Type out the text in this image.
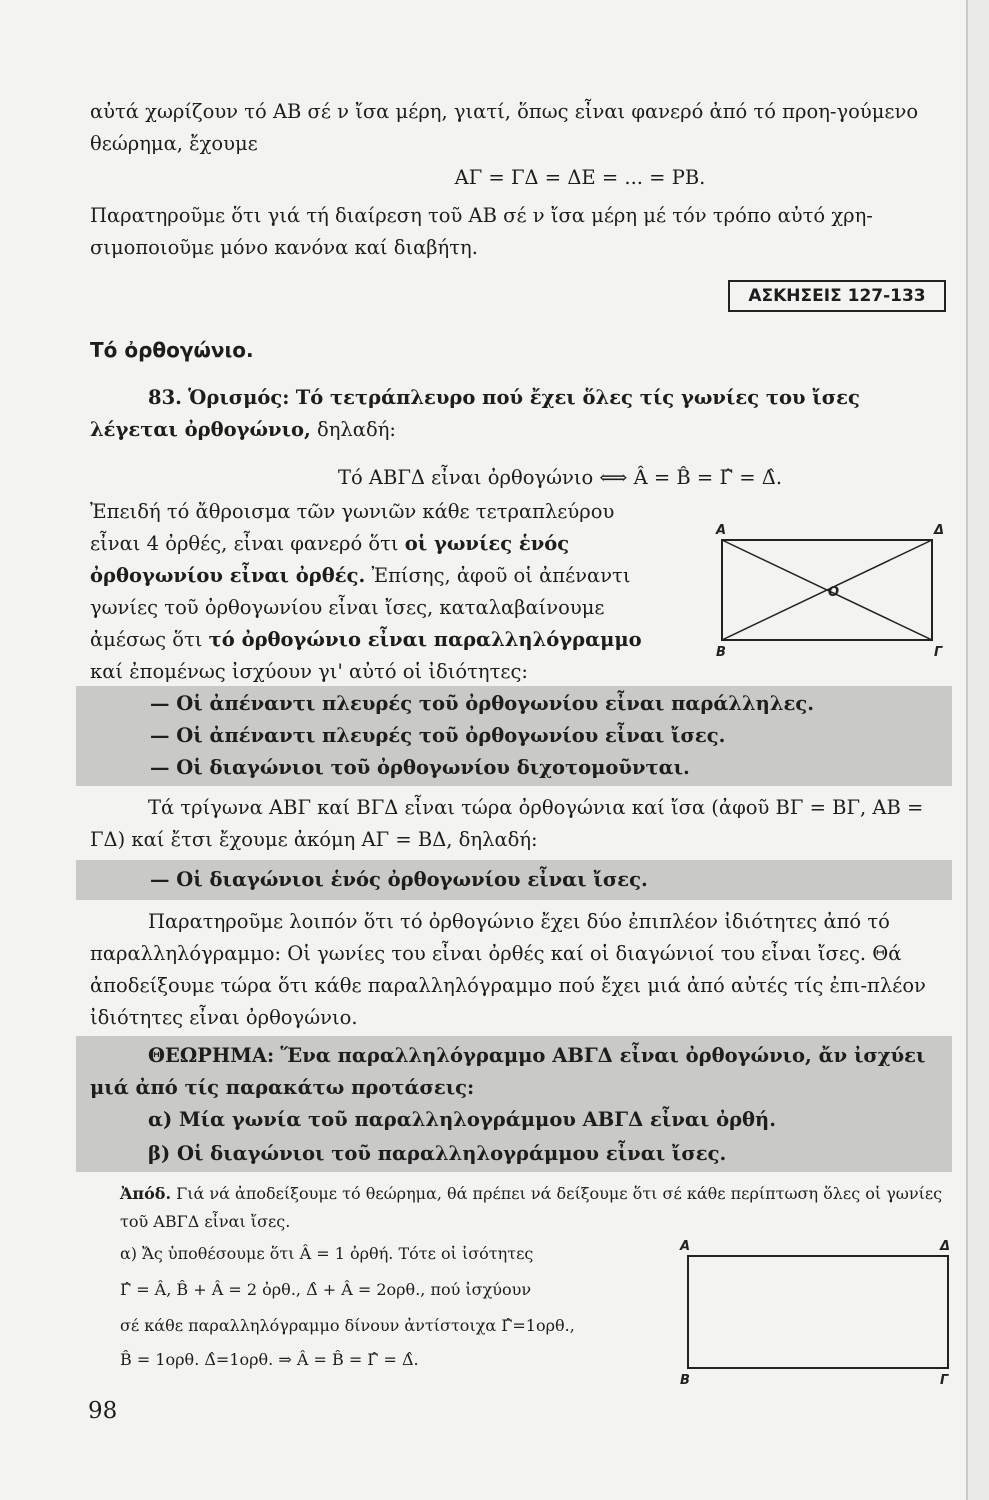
αὐτά χωρίζουν τό ΑΒ σέ ν ἴσα μέρη, γιατί, ὅπως εἶναι φανερό ἀπό τό προη-γούμενο θεώρημα, ἔχουμε
ΑΓ = ΓΔ = ΔΕ = ... = ΡΒ.
Παρατηροῦμε ὅτι γιά τή διαίρεση τοῦ ΑΒ σέ ν ἴσα μέρη μέ τόν τρόπο αὐτό χρη-σιμοποιοῦμε μόνο κανόνα καί διαβήτη.
ΑΣΚΗΣΕΙΣ 127-133
Τό ὀρθογώνιο.
83. Ὁρισμός: Τό τετράπλευρο πού ἔχει ὅλες τίς γωνίες του ἴσες λέγεται ὀρθογώνιο, δηλαδή:
Τό ΑΒΓΔ εἶναι ὀρθογώνιο ⟺ Â = B̂ = Γ̂ = Δ̂.
Ἐπειδή τό ἄθροισμα τῶν γωνιῶν κάθε τετραπλεύρου εἶναι 4 ὀρθές, εἶναι φανερό ὅτι οἱ γωνίες ἑνός ὀρθογωνίου εἶναι ὀρθές. Ἐπίσης, ἀφοῦ οἱ ἀπέναντι γωνίες τοῦ ὀρθογωνίου εἶναι ἴσες, καταλαβαίνουμε ἀμέσως ὅτι τό ὀρθογώνιο εἶναι παραλληλόγραμμο καί ἐπομένως ἰσχύουν γι' αὐτό οἱ ἰδιότητες:
Α	Δ
Ο
Β	Γ
— Οἱ ἀπέναντι πλευρές τοῦ ὀρθογωνίου εἶναι παράλληλες.
— Οἱ ἀπέναντι πλευρές τοῦ ὀρθογωνίου εἶναι ἴσες.
— Οἱ διαγώνιοι τοῦ ὀρθογωνίου διχοτομοῦνται.
Τά τρίγωνα ΑΒΓ καί ΒΓΔ εἶναι τώρα ὀρθογώνια καί ἴσα (ἀφοῦ ΒΓ = ΒΓ, ΑΒ = ΓΔ) καί ἔτσι ἔχουμε ἀκόμη ΑΓ = ΒΔ, δηλαδή:
— Οἱ διαγώνιοι ἑνός ὀρθογωνίου εἶναι ἴσες.
Παρατηροῦμε λοιπόν ὅτι τό ὀρθογώνιο ἔχει δύο ἐπιπλέον ἰδιότητες ἀπό τό παραλληλόγραμμο: Οἱ γωνίες του εἶναι ὀρθές καί οἱ διαγώνιοί του εἶναι ἴσες. Θά ἀποδείξουμε τώρα ὅτι κάθε παραλληλόγραμμο πού ἔχει μιά ἀπό αὐτές τίς ἐπι-πλέον ἰδιότητες εἶναι ὀρθογώνιο.
ΘΕΩΡΗΜΑ: Ἕνα παραλληλόγραμμο ΑΒΓΔ εἶναι ὀρθογώνιο, ἄν ἰσχύει μιά ἀπό τίς παρακάτω προτάσεις:
α) Μία γωνία τοῦ παραλληλογράμμου ΑΒΓΔ εἶναι ὀρθή.
β) Οἱ διαγώνιοι τοῦ παραλληλογράμμου εἶναι ἴσες.
Ἀπόδ. Γιά νά ἀποδείξουμε τό θεώρημα, θά πρέπει νά δείξουμε ὅτι σέ κάθε περίπτωση ὅλες οἱ γωνίες τοῦ ΑΒΓΔ εἶναι ἴσες.
α) Ἄς ὑποθέσουμε ὅτι Â = 1 ὀρθή. Τότε οἱ ἰσότητες
Γ̂ = Â, B̂ + Â = 2 ὀρθ., Δ̂ + Â = 2ορθ., πού ἰσχύουν
σέ κάθε παραλληλόγραμμο δίνουν ἀντίστοιχα Γ̂=1ορθ.,
B̂ = 1ορθ. Δ̂=1ορθ. ⇒ Â = B̂ = Γ̂ = Δ̂.
Α	Δ
Β	Γ
98
